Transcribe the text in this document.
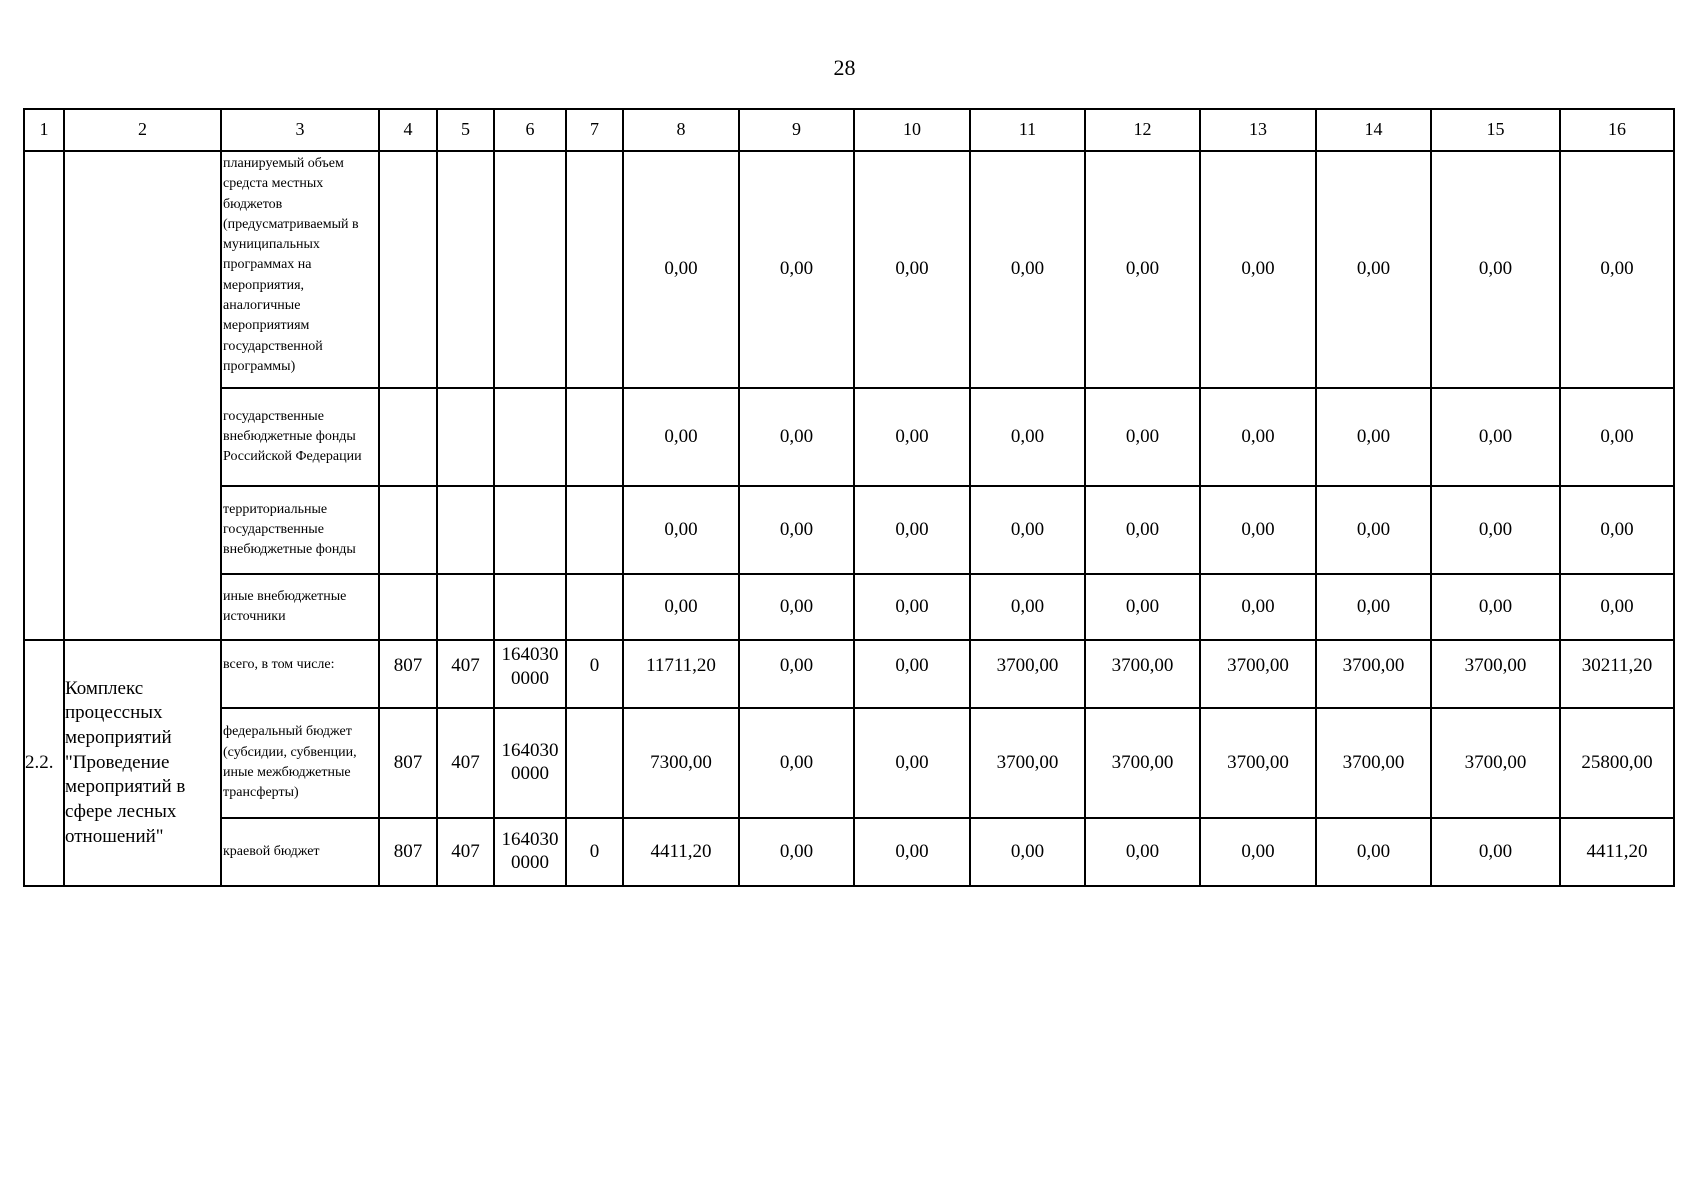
28
1	2	3	4	5	6	7	8	9	10	11	12	13	14	15	16
		планируемый объем средста местных бюджетов (предусматриваемый в муниципальных программах на мероприятия, аналогичные мероприятиям государственной программы)					0,00	0,00	0,00	0,00	0,00	0,00	0,00	0,00	0,00
		государственные внебюджетные фонды Российской Федерации					0,00	0,00	0,00	0,00	0,00	0,00	0,00	0,00	0,00
		территориальные государственные внебюджетные фонды					0,00	0,00	0,00	0,00	0,00	0,00	0,00	0,00	0,00
		иные внебюджетные источники					0,00	0,00	0,00	0,00	0,00	0,00	0,00	0,00	0,00
2.2.	Комплекс процессных мероприятий "Проведение мероприятий в сфере лесных отношений"	всего, в том числе:	807	407	164030 0000	0	11711,20	0,00	0,00	3700,00	3700,00	3700,00	3700,00	3700,00	30211,20
		федеральный бюджет (субсидии, субвенции, иные межбюджетные трансферты)	807	407	164030 0000		7300,00	0,00	0,00	3700,00	3700,00	3700,00	3700,00	3700,00	25800,00
		краевой бюджет	807	407	164030 0000	0	4411,20	0,00	0,00	0,00	0,00	0,00	0,00	0,00	4411,20
